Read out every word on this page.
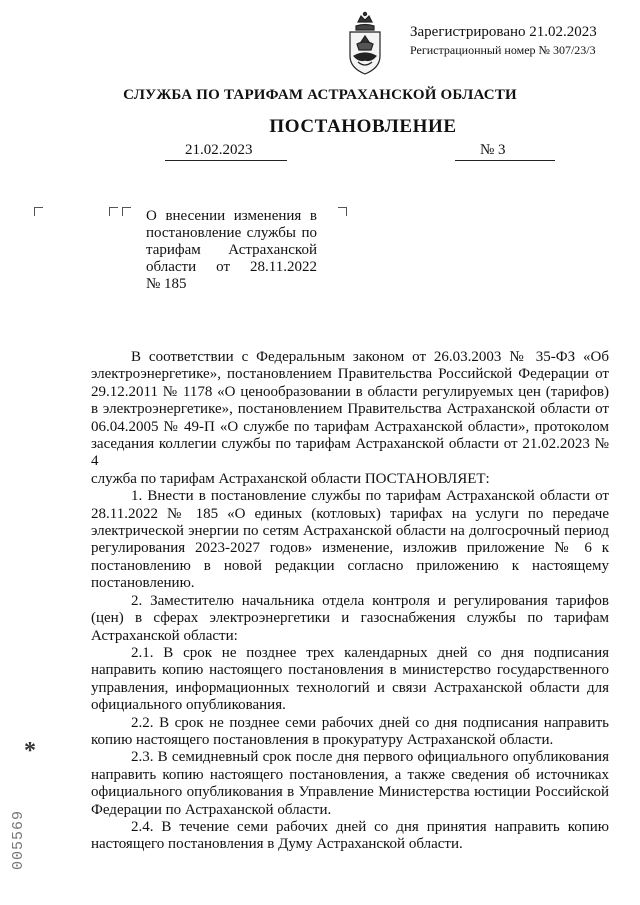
Зарегистрировано 21.02.2023
Регистрационный номер № 307/23/3
СЛУЖБА ПО ТАРИФАМ АСТРАХАНСКОЙ ОБЛАСТИ
ПОСТАНОВЛЕНИЕ
21.02.2023	№ 3
О внесении изменения в
постановление службы по
тарифам Астраханской
области от 28.11.2022
№ 185

В соответствии с Федеральным законом от 26.03.2003 № 35-ФЗ «Об электроэнергетике», постановлением Правительства Российской Федерации от 29.12.2011 № 1178 «О ценообразовании в области регулируемых цен (тарифов) в электроэнергетике», постановлением Правительства Астраханской области от 06.04.2005 № 49-П «О службе по тарифам Астраханской области», протоколом заседания коллегии службы по тарифам Астраханской области от 21.02.2023 № 4

служба по тарифам Астраханской области ПОСТАНОВЛЯЕТ:

1. Внести в постановление службы по тарифам Астраханской области от 28.11.2022 № 185 «О единых (котловых) тарифах на услуги по передаче электрической энергии по сетям Астраханской области на долгосрочный период регулирования 2023-2027 годов» изменение, изложив приложение № 6 к постановлению в новой редакции согласно приложению к настоящему постановлению.

2. Заместителю начальника отдела контроля и регулирования тарифов (цен) в сферах электроэнергетики и газоснабжения службы по тарифам Астраханской области:

2.1. В срок не позднее трех календарных дней со дня подписания направить копию настоящего постановления в министерство государственного управления, информационных технологий и связи Астраханской области для официального опубликования.

2.2. В срок не позднее семи рабочих дней со дня подписания направить копию настоящего постановления в прокуратуру Астраханской области.

2.3. В семидневный срок после дня первого официального опубликования направить копию настоящего постановления, а также сведения об источниках официального опубликования в Управление Министерства юстиции Российской Федерации по Астраханской области.

2.4. В течение семи рабочих дней со дня принятия направить копию настоящего постановления в Думу Астраханской области.

*
005569
